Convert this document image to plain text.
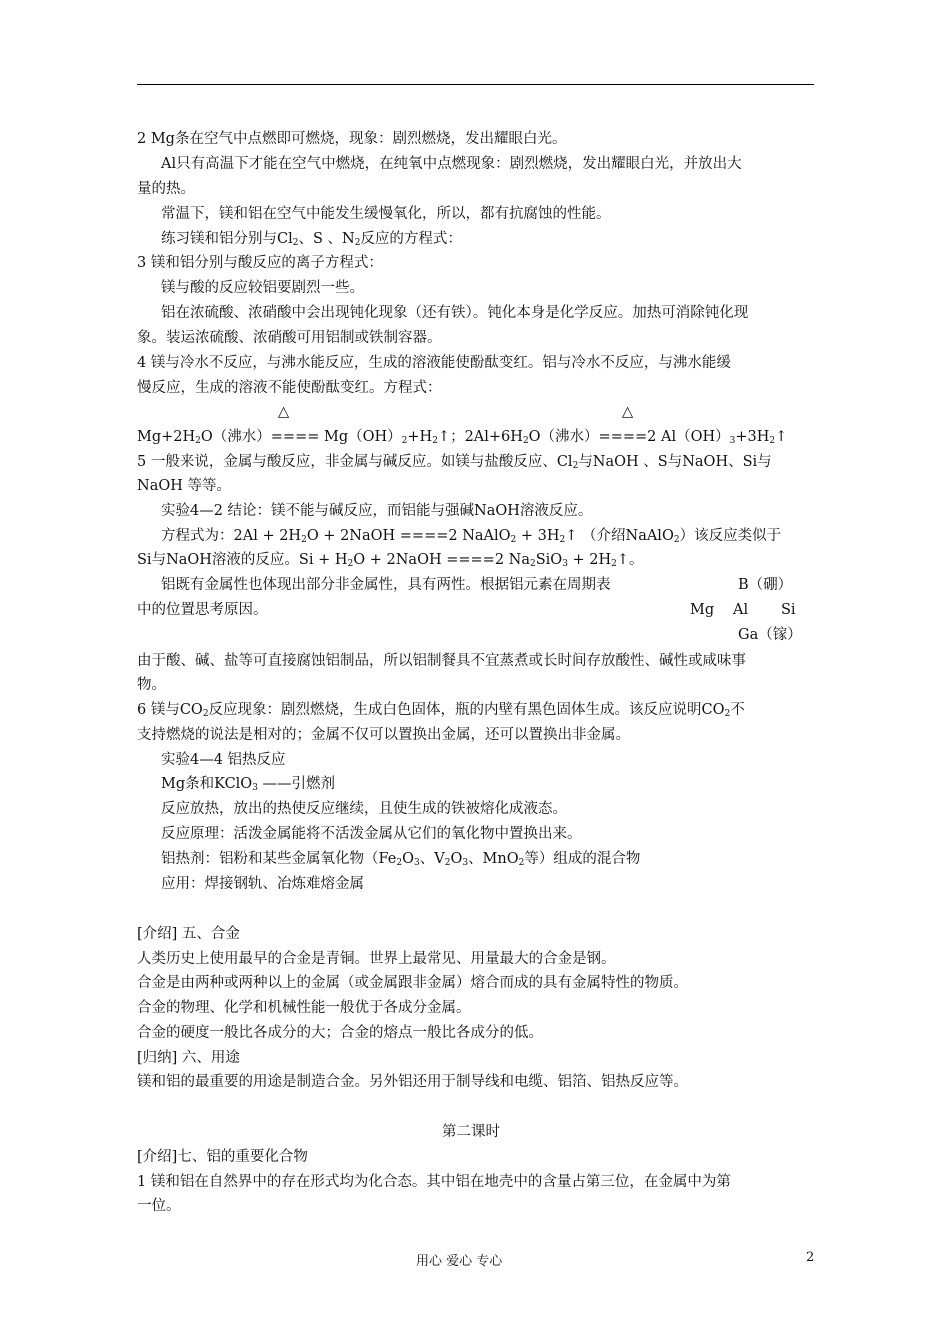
2 Mg条在空气中点燃即可燃烧，现象：剧烈燃烧，发出耀眼白光。
Al只有高温下才能在空气中燃烧，在纯氧中点燃现象：剧烈燃烧，发出耀眼白光，并放出大
量的热。
常温下，镁和铝在空气中能发生缓慢氧化，所以，都有抗腐蚀的性能。
练习镁和铝分别与$Cl_2$、S 、$N_2$反应的方程式：
3 镁和铝分别与酸反应的离子方程式：
镁与酸的反应较铝要剧烈一些。
铝在浓硫酸、浓硝酸中会出现钝化现象（还有铁）。钝化本身是化学反应。加热可消除钝化现
象。装运浓硫酸、浓硝酸可用铝制或铁制容器。
4 镁与冷水不反应，与沸水能反应，生成的溶液能使酚酞变红。铝与冷水不反应，与沸水能缓
慢反应，生成的溶液不能使酚酞变红。方程式：
△	△
$Mg+2H_2O$（沸水）==== $Mg(OH)_2+H_2↑$；$2Al+6H_2O$（沸水）====2 $Al(OH)_3+3H_2↑$
5 一般来说，金属与酸反应，非金属与碱反应。如镁与盐酸反应、$Cl_2$与NaOH 、S与NaOH、Si与
NaOH 等等。
实验4—2 结论：镁不能与碱反应，而铝能与强碱NaOH溶液反应。
方程式为：$2Al + 2H_2O$ + 2NaOH ====2 NaAlO$_2$ + $3H_2↑$ （介绍NaAlO$_2$）该反应类似于
Si与NaOH溶液的反应。$Si + H_2O$ + 2NaOH ====2 $Na_2SiO_3$ + $2H_2↑$。
铝既有金属性也体现出部分非金属性，具有两性。根据铝元素在周期表	B（硼）
中的位置思考原因。	Mg Al Si
Ga（镓）
由于酸、碱、盐等可直接腐蚀铝制品，所以铝制餐具不宜蒸煮或长时间存放酸性、碱性或咸味事
物。
6 镁与$CO_2$反应现象：剧烈燃烧，生成白色固体，瓶的内壁有黑色固体生成。该反应说明$CO_2$不
支持燃烧的说法是相对的；金属不仅可以置换出金属，还可以置换出非金属。
实验4—4 铝热反应
Mg条和KClO$_3$ ——引燃剂
反应放热，放出的热使反应继续，且使生成的铁被熔化成液态。
反应原理：活泼金属能将不活泼金属从它们的氧化物中置换出来。
铝热剂：铝粉和某些金属氧化物（$Fe_2O_3$、$V_2O_3$、MnO$_2$等）组成的混合物
应用：焊接钢轨、冶炼难熔金属
[介绍] 五、合金
人类历史上使用最早的合金是青铜。世界上最常见、用量最大的合金是钢。
合金是由两种或两种以上的金属（或金属跟非金属）熔合而成的具有金属特性的物质。
合金的物理、化学和机械性能一般优于各成分金属。
合金的硬度一般比各成分的大；合金的熔点一般比各成分的低。
[归纳] 六、用途
镁和铝的最重要的用途是制造合金。另外铝还用于制导线和电缆、铝箔、铝热反应等。
第二课时
[介绍]七、铝的重要化合物
1 镁和铝在自然界中的存在形式均为化合态。其中铝在地壳中的含量占第三位，在金属中为第
一位。
用心 爱心 专心	2
